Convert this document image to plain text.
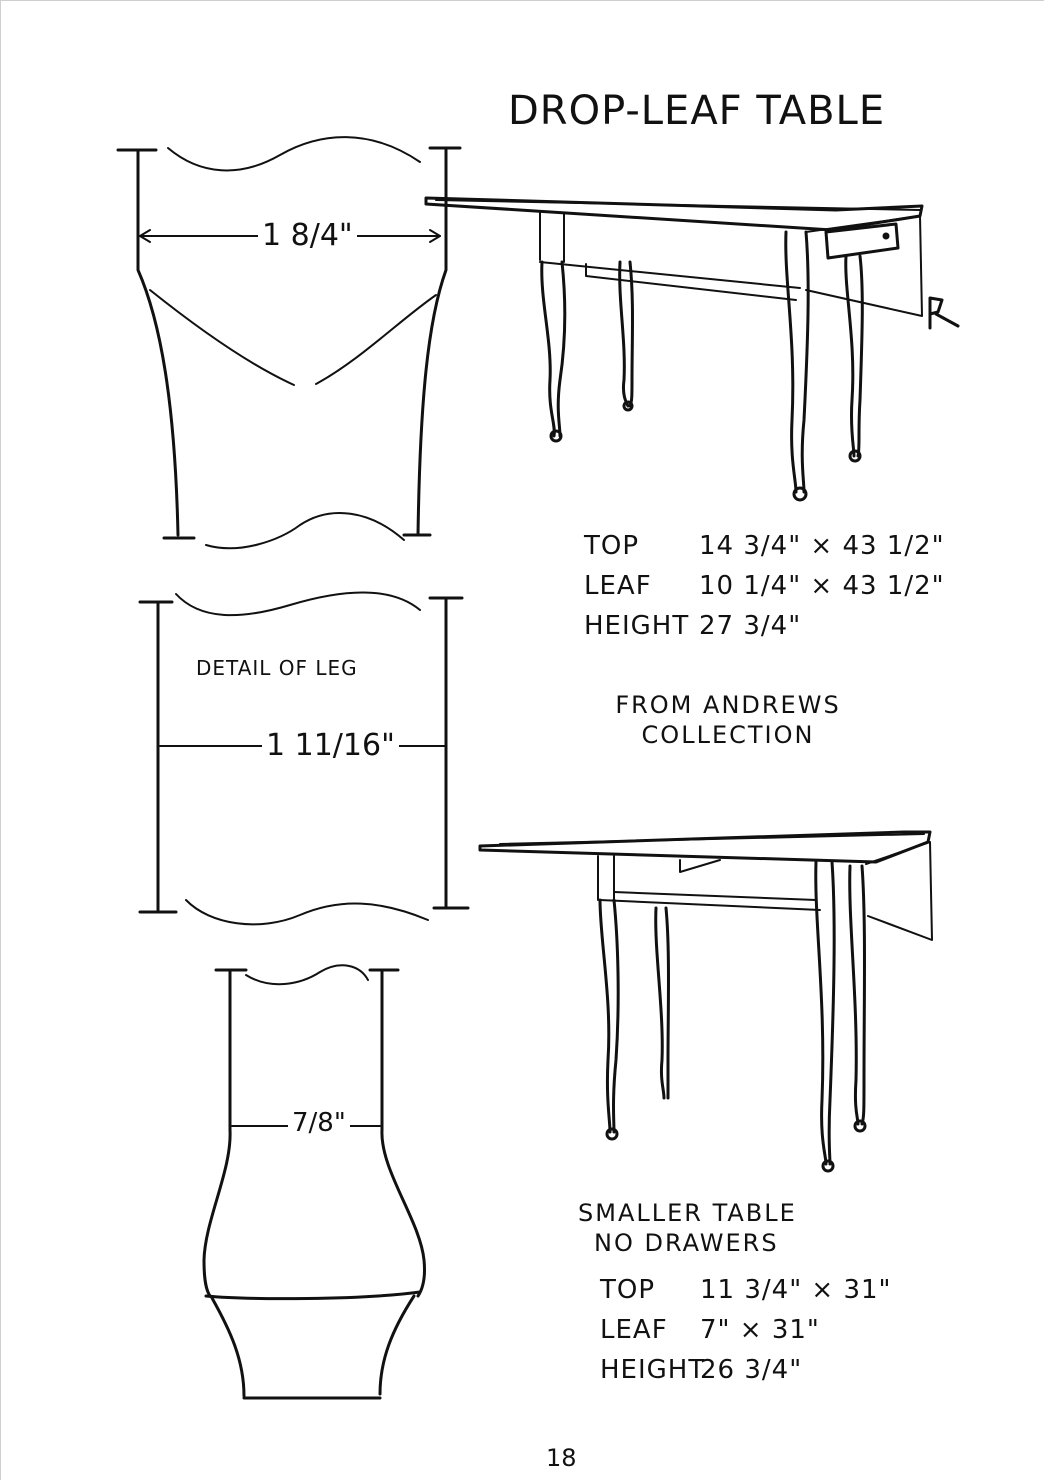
DROP-LEAF TABLE
1 8/4"
DETAIL OF LEG
1 11/16"
7/8"
TOP 14 3/4" × 43 1/2"
LEAF 10 1/4" × 43 1/2"
HEIGHT 27 3/4"
FROM ANDREWS
COLLECTION
SMALLER TABLE
NO DRAWERS
TOP 11 3/4" × 31"
LEAF 7" × 31"
HEIGHT26 3/4"
18
